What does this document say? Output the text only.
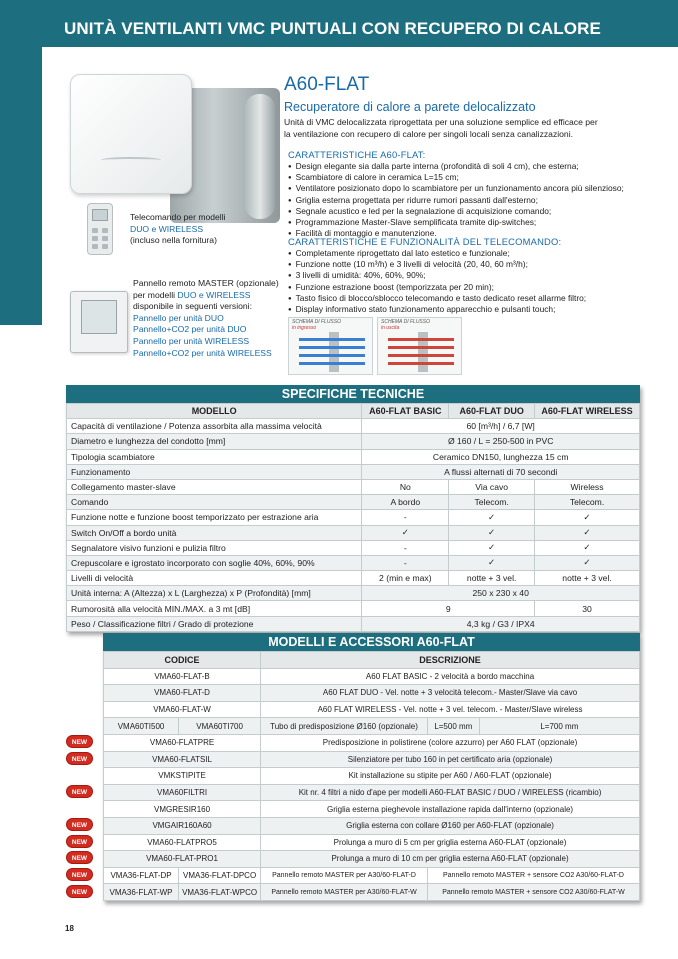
UNITÀ VENTILANTI VMC PUNTUALI CON RECUPERO DI CALORE
Telecomando per modelli
DUO e WIRELESS
(incluso nella fornitura)
Pannello remoto MASTER (opzionale)
per modelli DUO e WIRELESS
disponibile in seguenti versioni:
Pannello per unità DUO
Pannello+CO2 per unità DUO
Pannello per unità WIRELESS
Pannello+CO2 per unità WIRELESS
A60-FLAT
Recuperatore di calore a parete delocalizzato
Unità di VMC delocalizzata riprogettata per una soluzione semplice ed efficace per
la ventilazione con recupero di calore per singoli locali senza canalizzazioni.
CARATTERISTICHE A60-FLAT:
● Design elegante sia dalla parte interna (profondità di soli 4 cm), che esterna;
● Scambiatore di calore in ceramica L=15 cm;
● Ventilatore posizionato dopo lo scambiatore per un funzionamento ancora più silenzioso;
● Griglia esterna progettata per ridurre rumori passanti dall'esterno;
● Segnale acustico e led per la segnalazione di acquisizione comando;
● Programmazione Master-Slave semplificata tramite dip-switches;
● Facilità di montaggio e manutenzione.
CARATTERISTICHE E FUNZIONALITÀ DEL TELECOMANDO:
● Completamente riprogettato dal lato estetico e funzionale;
● Funzione notte (10 m³/h) e 3 livelli di velocità (20, 40, 60 m³/h);
● 3 livelli di umidità: 40%, 60%, 90%;
● Funzione estrazione boost (temporizzata per 20 min);
● Tasto fisico di blocco/sblocco telecomando e tasto dedicato reset allarme filtro;
● Display informativo stato funzionamento apparecchio e pulsanti touch;
SCHEMA DI FLUSSO
in ingresso
SCHEMA DI FLUSSO
in uscita
SPECIFICHE TECNICHE
MODELLO	A60-FLAT BASIC	A60-FLAT DUO	A60-FLAT WIRELESS
Capacità di ventilazione / Potenza assorbita alla massima velocità	60 [m³/h] / 6,7 [W]		
Diametro e lunghezza del condotto [mm]	Ø 160 / L = 250-500 in PVC		
Tipologia scambiatore	Ceramico DN150, lunghezza 15 cm		
Funzionamento	A flussi alternati di 70 secondi		
Collegamento master-slave	No	Via cavo	Wireless
Comando	A bordo	Telecom.	Telecom.
Funzione notte e funzione boost temporizzato per estrazione aria	-	✓	✓
Switch On/Off a bordo unità	✓	✓	✓
Segnalatore visivo funzioni e pulizia filtro	-	✓	✓
Crepuscolare e igrostato incorporato con soglie 40%, 60%, 90%	-	✓	✓
Livelli di velocità	2 (min e max)	notte + 3 vel.	notte + 3 vel.
Unità interna: A (Altezza) x L (Larghezza) x P (Profondità) [mm]	250 x 230 x 40		
Rumorosità alla velocità MIN./MAX. a 3 mt [dB]	9		30
Peso / Classificazione filtri / Grado di protezione	4,3 kg / G3 / IPX4		
MODELLI E ACCESSORI A60-FLAT
CODICE		DESCRIZIONE		
VMA60-FLAT-B		A60 FLAT BASIC - 2 velocità a bordo macchina		
VMA60-FLAT-D		A60 FLAT DUO - Vel. notte + 3 velocità telecom.- Master/Slave via cavo		
VMA60-FLAT-W		A60 FLAT WIRELESS - Vel. notte + 3 vel. telecom. - Master/Slave wireless		
VMA60TI500	VMA60TI700	Tubo di predisposizione Ø160 (opzionale)	L=500 mm	L=700 mm
VMA60-FLATPRE		Predisposizione in polistirene (colore azzurro) per A60 FLAT (opzionale)		
VMA60-FLATSIL		Silenziatore per tubo 160 in pet certificato aria (opzionale)		
VMKSTIPITE		Kit installazione su stipite per A60 / A60-FLAT (opzionale)		
VMA60FILTRI		Kit nr. 4 filtri a nido d'ape per modelli A60-FLAT BASIC / DUO / WIRELESS (ricambio)		
VMGRESIR160		Griglia esterna pieghevole installazione rapida dall'interno (opzionale)		
VMGAIR160A60		Griglia esterna con collare Ø160 per A60-FLAT (opzionale)		
VMA60-FLATPRO5		Prolunga a muro di 5 cm per griglia esterna A60-FLAT (opzionale)		
VMA60-FLAT-PRO1		Prolunga a muro di 10 cm per griglia esterna A60-FLAT (opzionale)		
VMA36-FLAT-DP	VMA36-FLAT-DPCO	Pannello remoto MASTER per A30/60-FLAT-D	Pannello remoto MASTER + sensore CO2 A30/60-FLAT-D	
VMA36-FLAT-WP	VMA36-FLAT-WPCO	Pannello remoto MASTER per A30/60-FLAT-W	Pannello remoto MASTER + sensore CO2 A30/60-FLAT-W	
NEW
NEW
NEW
NEW
NEW
NEW
NEW
NEW
18
